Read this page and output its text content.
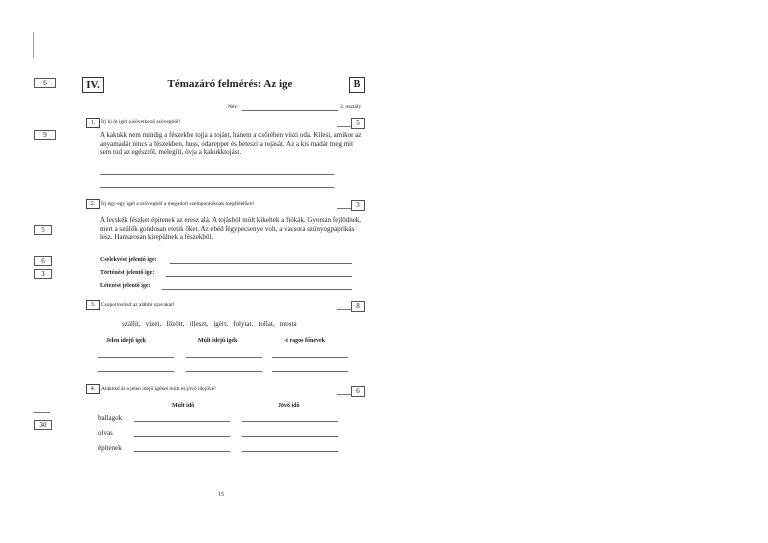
6
9
5
6
3
30
IV.	Témazáró felmérés: Az ige	B
Név:	3. osztály
1.	Írj ki öt igét a következő szövegből!	5
A kakukk nem mindig a fészekbe tojja a tojást, hanem a csőrében viszi oda. Kilesi, amikor az anyamadár nincs a fészekben, huss, odarepper és beteszi a tojását. Az a kis madár meg mit sem tud az egészről, melegíti, óvja a kakukktojást.
2.	Írj egy-egy igét a szövegből a megadott szempontoknak megfelelően!	3
A fecskék fészket építenek az eresz alá. A tojásból múlt kikeltek a fiókák. Gyorsan fejlődnek, mert a szülők gondosan etetik őket. Az ebéd légypecsenye volt, a vacsora szúnyogpaprikás lesz. Hamarosan kirepülnek a fészekből.
Cselekvést jelentő ige:
Történést jelentő ige:
Létezést jelentő ige:
3.	Csoportosítsd az alábbi szavakat!	8
szállít,   vizet,   főzött,   illeszt,   ígért,   folytat,   tollat,   mosta
Jelen idejű igék	Múlt idejű igék	-t ragos főnevek
4.	Alakítsd át a jelen idejű igéket múlt és jövő idejűvé!	6
Múlt idő	Jövő idő
ballagok
olvas
építenek
15
